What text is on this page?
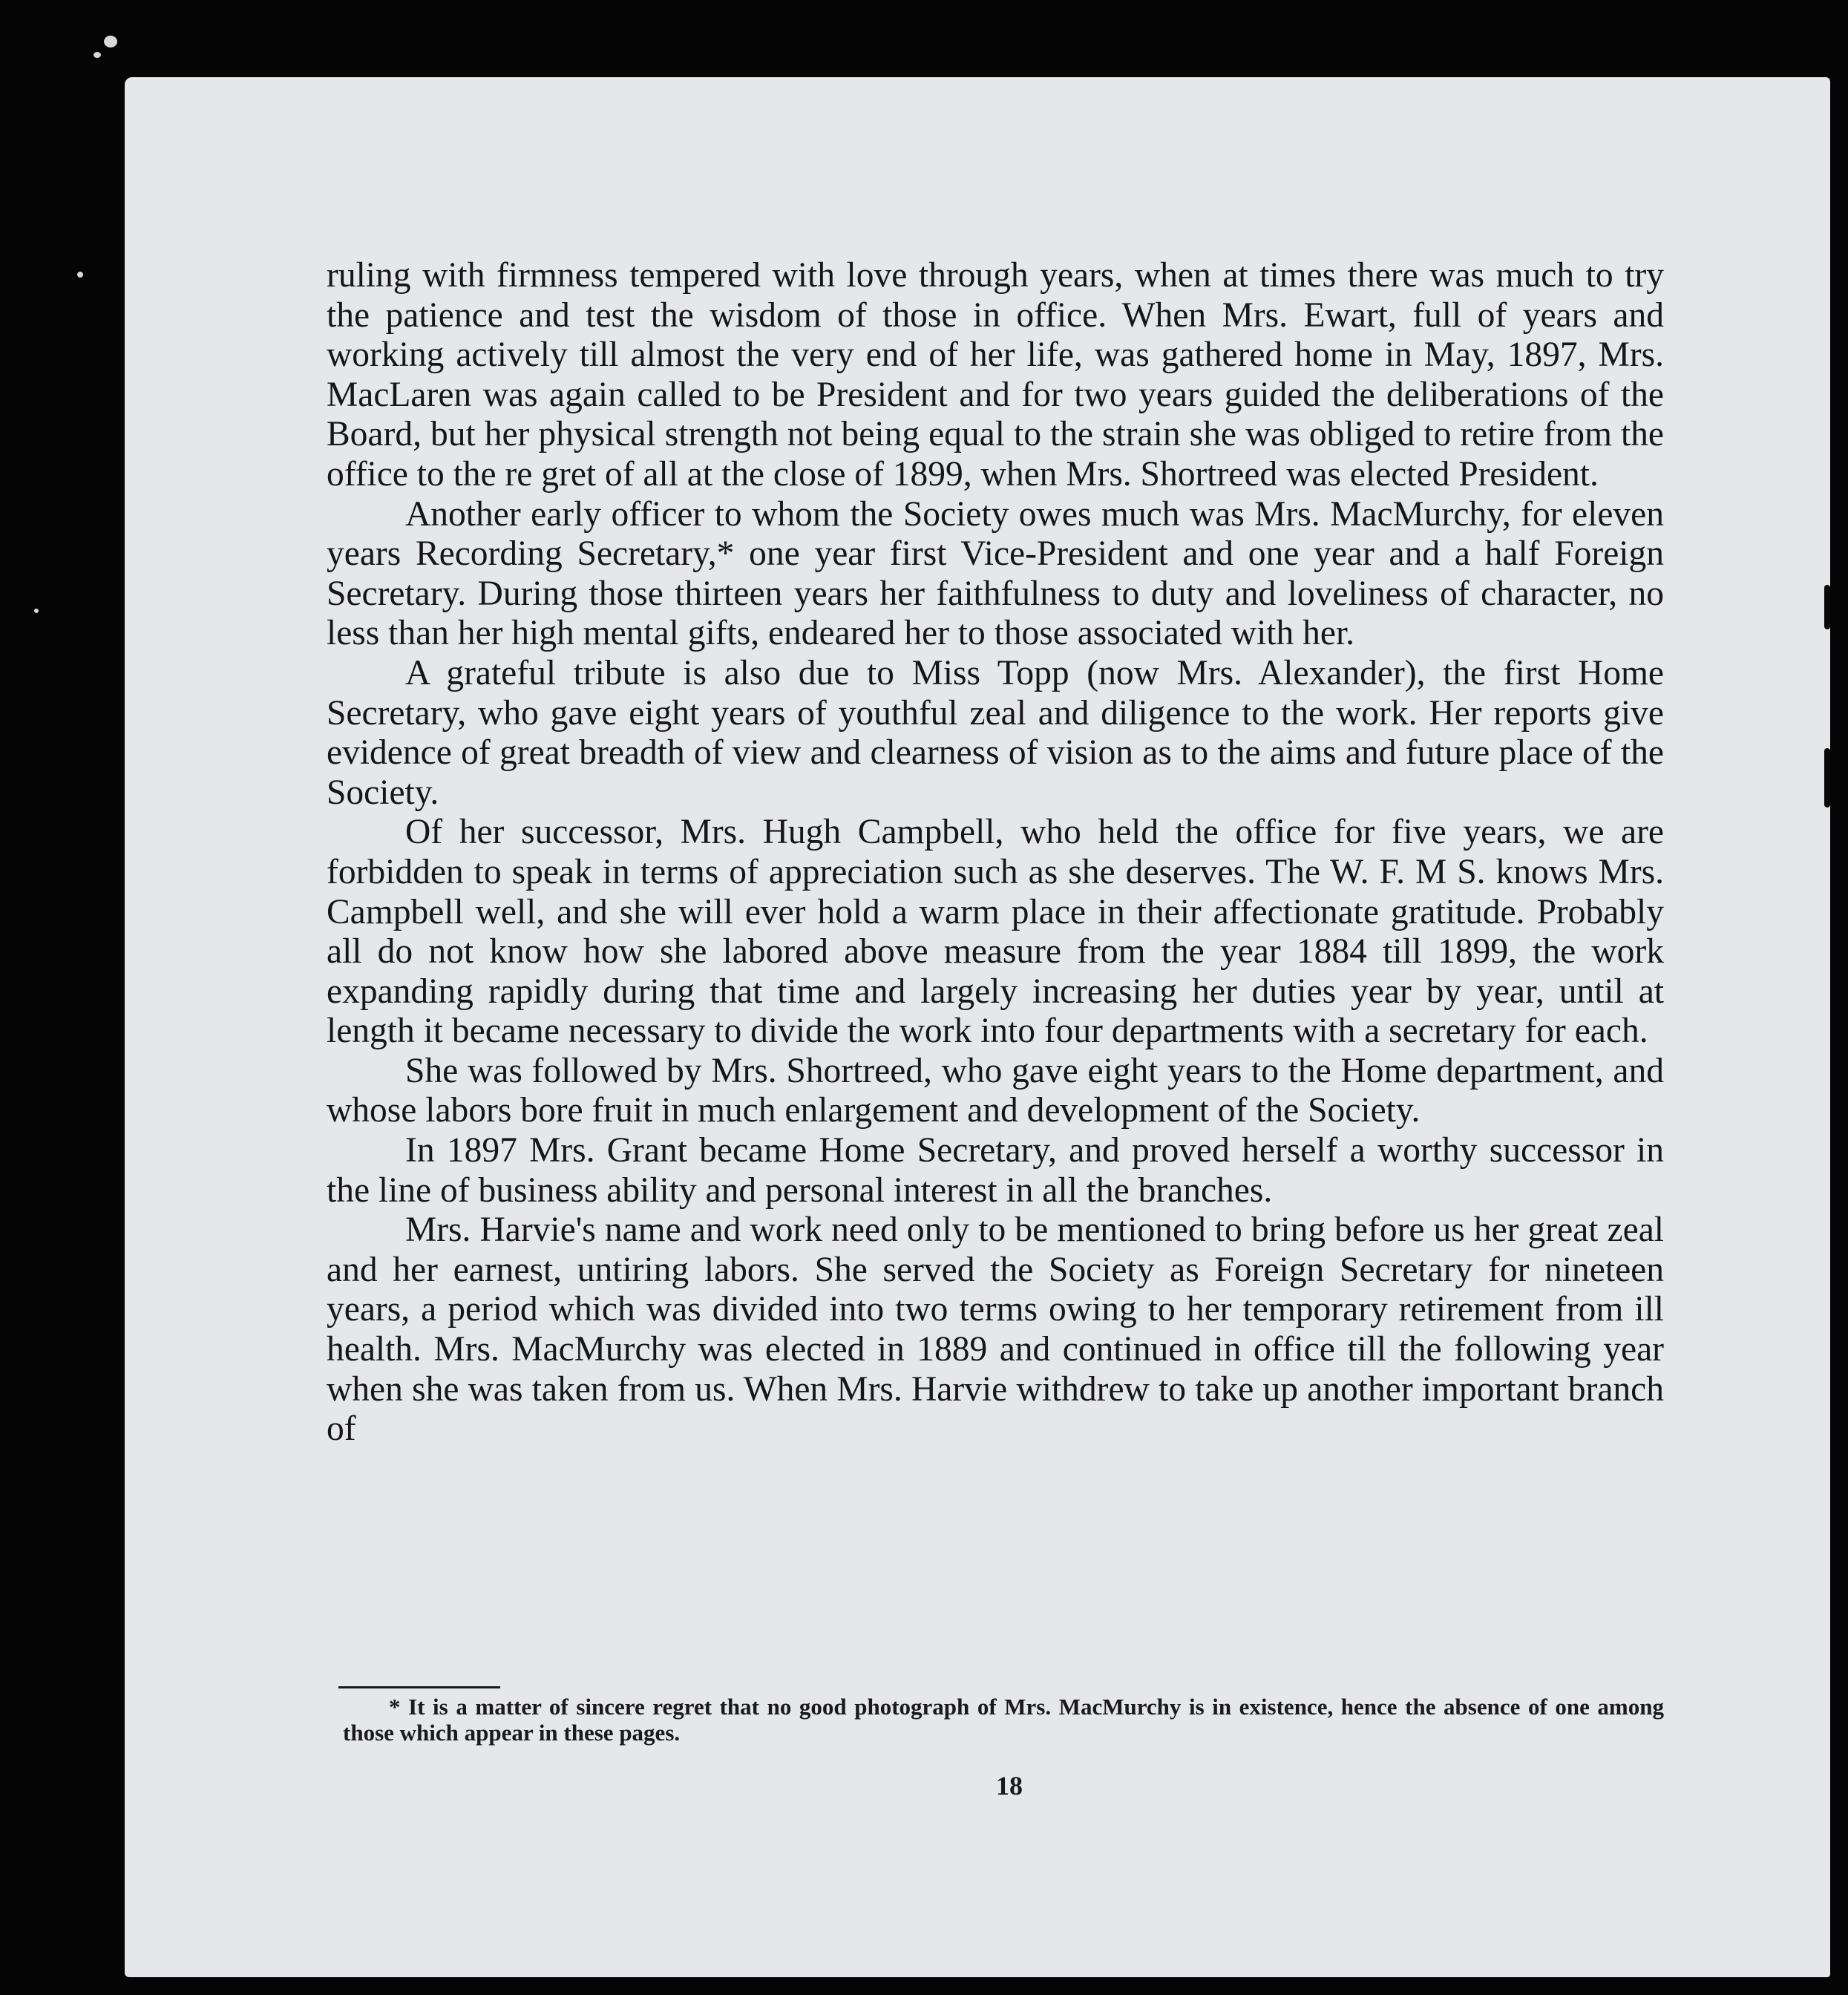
ruling with firmness tempered with love through years, when at times there was much to try the patience and test the wisdom of those in office. When Mrs. Ewart, full of years and working actively till almost the very end of her life, was gathered home in May, 1897, Mrs. MacLaren was again called to be President and for two years guided the deliberations of the Board, but her physical strength not being equal to the strain she was obliged to retire from the office to the re gret of all at the close of 1899, when Mrs. Shortreed was elected President.

Another early officer to whom the Society owes much was Mrs. MacMurchy, for eleven years Recording Secretary,* one year first Vice-President and one year and a half Foreign Secretary. During those thirteen years her faithfulness to duty and loveliness of character, no less than her high mental gifts, endeared her to those associated with her.

A grateful tribute is also due to Miss Topp (now Mrs. Alexander), the first Home Secretary, who gave eight years of youthful zeal and diligence to the work. Her reports give evidence of great breadth of view and clearness of vision as to the aims and future place of the Society.

Of her successor, Mrs. Hugh Campbell, who held the office for five years, we are forbidden to speak in terms of appreciation such as she deserves. The W. F. M S. knows Mrs. Campbell well, and she will ever hold a warm place in their affectionate gratitude. Probably all do not know how she labored above measure from the year 1884 till 1899, the work expanding rapidly during that time and largely increasing her duties year by year, until at length it became necessary to divide the work into four departments with a secretary for each.

She was followed by Mrs. Shortreed, who gave eight years to the Home department, and whose labors bore fruit in much enlargement and development of the Society.

In 1897 Mrs. Grant became Home Secretary, and proved herself a worthy successor in the line of business ability and personal interest in all the branches.

Mrs. Harvie's name and work need only to be mentioned to bring before us her great zeal and her earnest, untiring labors. She served the Society as Foreign Secretary for nineteen years, a period which was divided into two terms owing to her temporary retirement from ill health. Mrs. MacMurchy was elected in 1889 and continued in office till the following year when she was taken from us. When Mrs. Harvie withdrew to take up another important branch of

* It is a matter of sincere regret that no good photograph of Mrs. MacMurchy is in existence, hence the absence of one among those which appear in these pages.
18
